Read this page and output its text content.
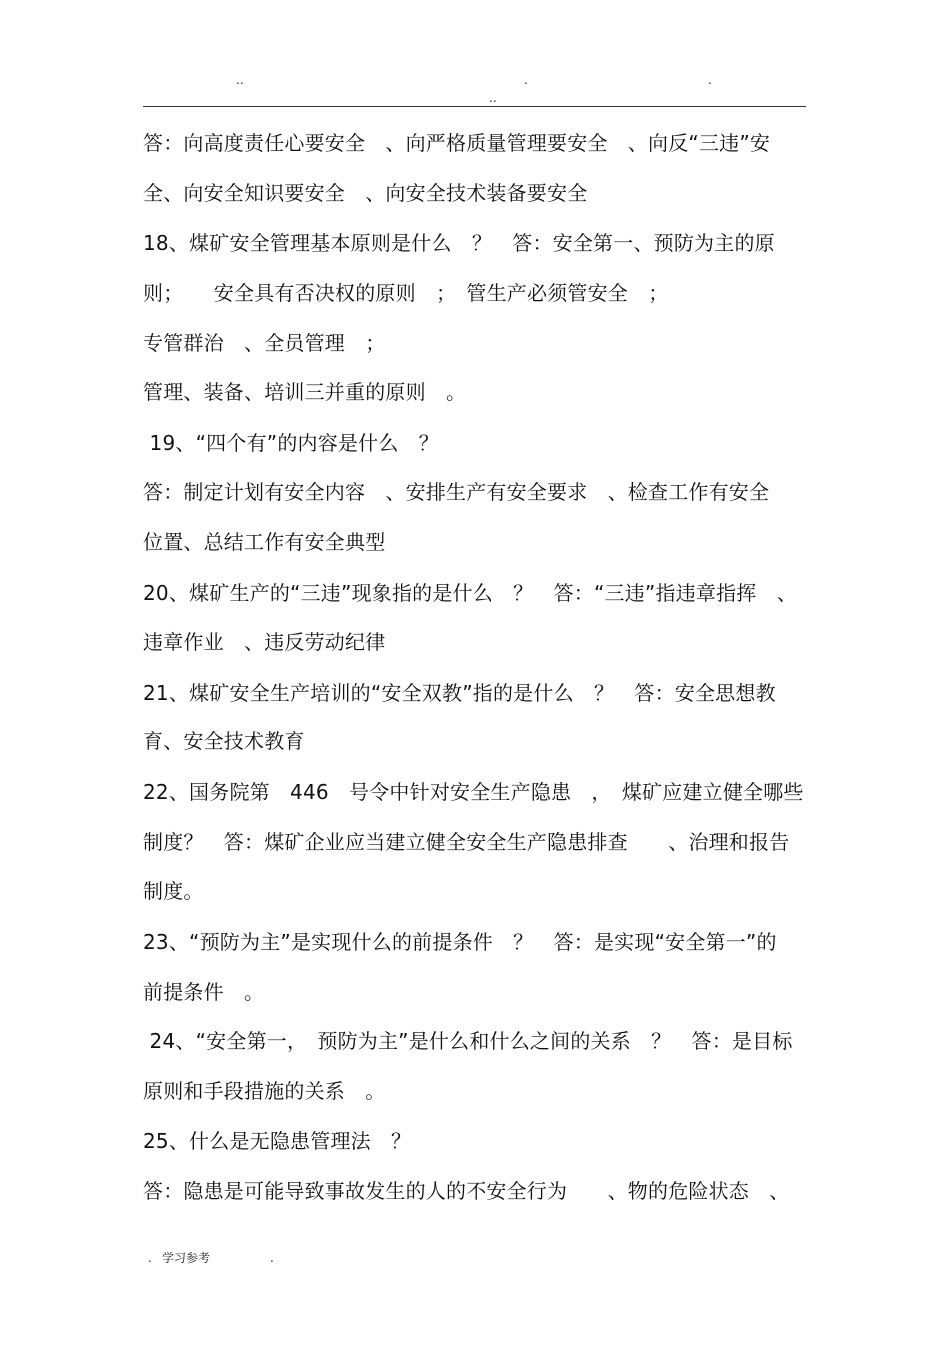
..	.	.
..
答：向高度责任心要安全　、向严格质量管理要安全　、向反“三违”安
全、向安全知识要安全　、向安全技术装备要安全
18、煤矿安全管理基本原则是什么　？　答：安全第一、预防为主的原
则；　　安全具有否决权的原则　；　管生产必须管安全　；
专管群治　、全员管理　；
管理、装备、培训三并重的原则　。
19、“四个有”的内容是什么　？
答：制定计划有安全内容　、安排生产有安全要求　、检查工作有安全
位置、总结工作有安全典型
20、煤矿生产的“三违”现象指的是什么　？　答：“三违”指违章指挥　、
违章作业　、违反劳动纪律
21、煤矿安全生产培训的“安全双教”指的是什么　？　答：安全思想教
育、安全技术教育
22、国务院第　446　号令中针对安全生产隐患　，　煤矿应建立健全哪些
制度？　答：煤矿企业应当建立健全安全生产隐患排查　　、治理和报告
制度。
23、“预防为主”是实现什么的前提条件　？　答：是实现“安全第一”的
前提条件　。
24、“安全第一，　预防为主”是什么和什么之间的关系　？　答：是目标
原则和手段措施的关系　。
25、什么是无隐患管理法　？
答：隐患是可能导致事故发生的人的不安全行为　　、物的危险状态　、
. 学习参考	.
